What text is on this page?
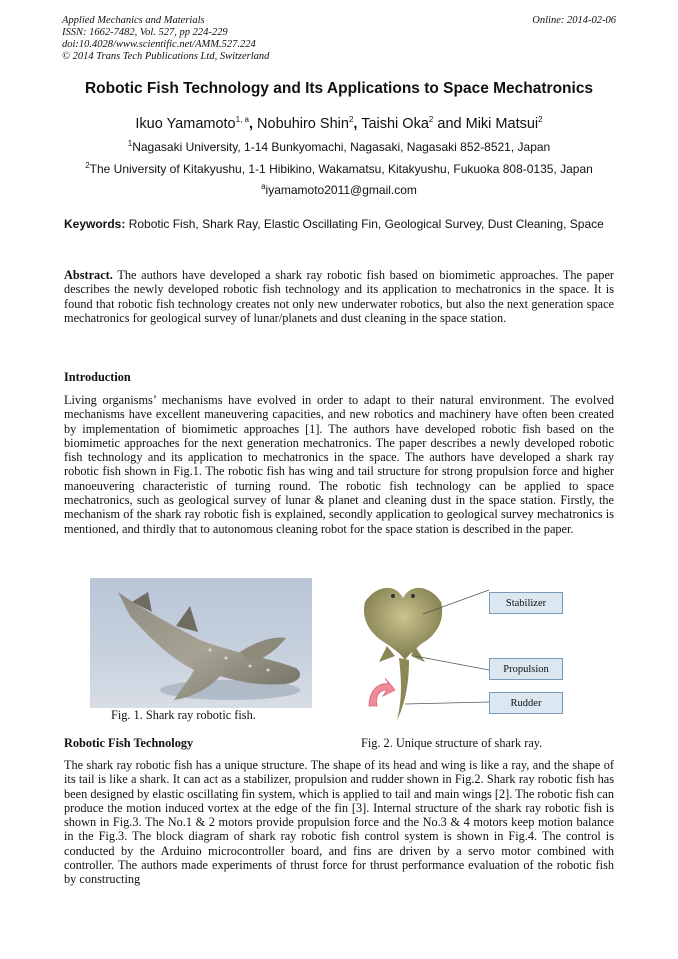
Applied Mechanics and Materials
ISSN: 1662-7482, Vol. 527, pp 224-229
doi:10.4028/www.scientific.net/AMM.527.224
© 2014 Trans Tech Publications Ltd, Switzerland
Online: 2014-02-06
Robotic Fish Technology and Its Applications to Space Mechatronics
Ikuo Yamamoto$^{1, a}$, Nobuhiro Shin$^2$, Taishi Oka$^2$ and Miki Matsui$^2$
$^1$Nagasaki University, 1-14 Bunkyomachi, Nagasaki, Nagasaki 852-8521, Japan
$^2$The University of Kitakyushu, 1-1 Hibikino, Wakamatsu, Kitakyushu, Fukuoka 808-0135, Japan
$^a$iyamamoto2011@gmail.com
Keywords: Robotic Fish, Shark Ray, Elastic Oscillating Fin, Geological Survey, Dust Cleaning, Space
Abstract. The authors have developed a shark ray robotic fish based on biomimetic approaches. The paper describes the newly developed robotic fish technology and its application to mechatronics in the space. It is found that robotic fish technology creates not only new underwater robotics, but also the next generation space mechatronics for geological survey of lunar/planets and dust cleaning in the space station.
Introduction
Living organisms’ mechanisms have evolved in order to adapt to their natural environment. The evolved mechanisms have excellent maneuvering capacities, and new robotics and machinery have often been created by implementation of biomimetic approaches [1]. The authors have developed robotic fish based on the biomimetic approaches for the next generation mechatronics. The paper describes a newly developed robotic fish technology and its application to mechatronics in the space. The authors have developed a shark ray robotic fish shown in Fig.1. The robotic fish has wing and tail structure for strong propulsion force and higher manoeuvering characteristic of turning round. The robotic fish technology can be applied to space mechatronics, such as geological survey of lunar & planet and cleaning dust in the space station. Firstly, the mechanism of the shark ray robotic fish is explained, secondly application to geological survey mechatronics is mentioned, and thirdly that to autonomous cleaning robot for the space station is described in the paper.
Fig. 1. Shark ray robotic fish.
Stabilizer
Propulsion
Rudder
Fig. 2. Unique structure of shark ray.
Robotic Fish Technology
The shark ray robotic fish has a unique structure. The shape of its head and wing is like a ray, and the shape of its tail is like a shark. It can act as a stabilizer, propulsion and rudder shown in Fig.2. Shark ray robotic fish has been designed by elastic oscillating fin system, which is applied to tail and main wings [2]. The robotic fish can produce the motion induced vortex at the edge of the fin [3]. Internal structure of the shark ray robotic fish is shown in Fig.3. The No.1 & 2 motors provide propulsion force and the No.3 & 4 motors keep motion balance in the Fig.3. The block diagram of shark ray robotic fish control system is shown in Fig.4. The control is conducted by the Arduino microcontroller board, and fins are driven by a servo motor combined with controller. The authors made experiments of thrust force for thrust performance evaluation of the robotic fish by constructing
